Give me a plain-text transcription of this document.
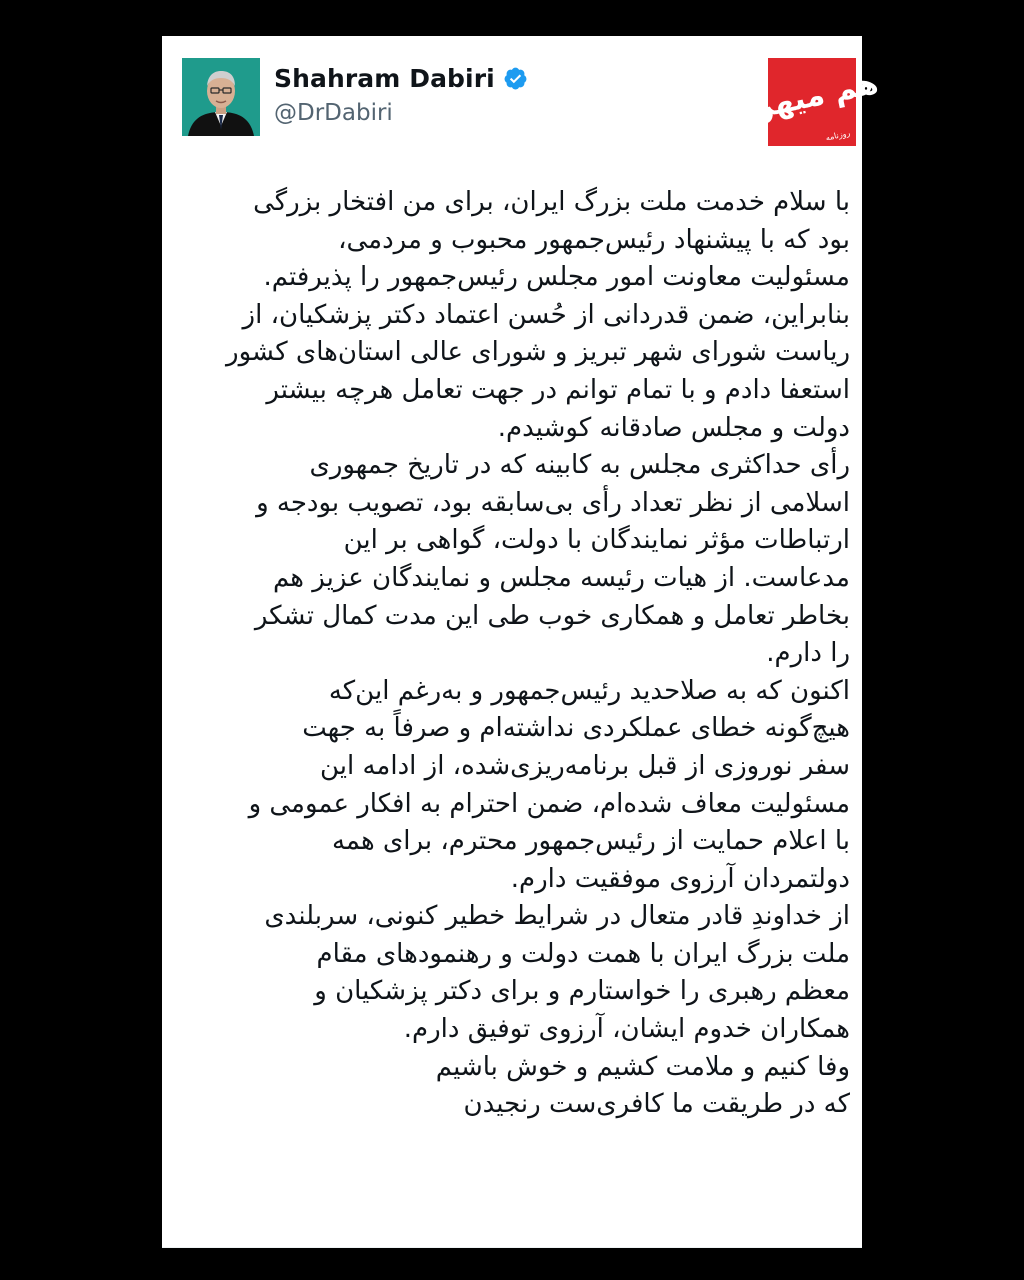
Shahram Dabiri
@DrDabiri	هم میهن
روزنامه

با سلام خدمت ملت بزرگ ایران، برای من افتخار بزرگی

بود که با پیشنهاد رئیس‌جمهور محبوب و مردمی،

مسئولیت معاونت امور مجلس رئیس‌جمهور را پذیرفتم.

بنابراین، ضمن قدردانی از حُسن اعتماد دکتر پزشکیان، از

ریاست شورای شهر تبریز و شورای عالی استان‌های کشور

استعفا دادم و با تمام توانم در جهت تعامل هرچه بیشتر

دولت و مجلس صادقانه کوشیدم.

رأی حداکثری مجلس به کابینه که در تاریخ جمهوری

اسلامی از نظر تعداد رأی بی‌سابقه بود، تصویب بودجه و

ارتباطات مؤثر نمایندگان با دولت، گواهی بر این

مدعاست. از هیات رئیسه مجلس و نمایندگان عزیز هم

بخاطر تعامل و همکاری خوب طی این مدت کمال تشکر

را دارم.

اکنون که به صلاحدید رئیس‌جمهور و به‌رغم این‌که

هیچ‌گونه خطای عملکردی نداشته‌ام و صرفاً به جهت

سفر نوروزی از قبل برنامه‌ریزی‌شده، از ادامه این

مسئولیت معاف شده‌ام، ضمن احترام به افکار عمومی و

با اعلام حمایت از رئیس‌جمهور محترم، برای همه

دولتمردان آرزوی موفقیت دارم.

از خداوندِ قادر متعال در شرایط خطیر کنونی، سربلندی

ملت بزرگ ایران با همت دولت و رهنمودهای مقام

معظم رهبری را خواستارم و برای دکتر پزشکیان و

همکاران خدوم ایشان، آرزوی توفیق دارم.

وفا کنیم و ملامت کشیم و خوش باشیم

که در طریقت ما کافری‌ست رنجیدن
